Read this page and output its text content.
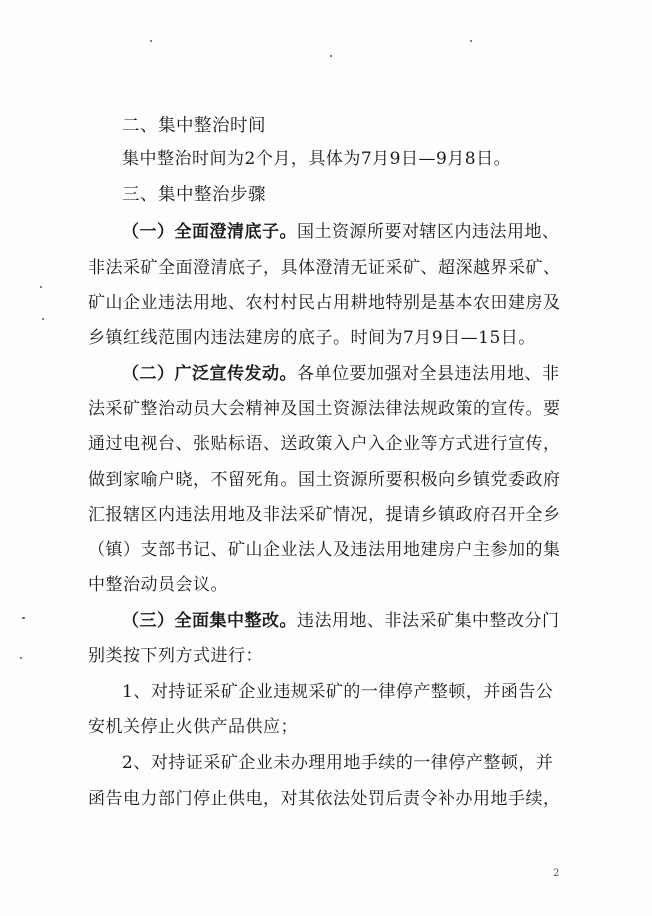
二、集中整治时间
集中整治时间为2个月，具体为7月9日—9月8日。
三、集中整治步骤
（一）全面澄清底子。国土资源所要对辖区内违法用地、
非法采矿全面澄清底子，具体澄清无证采矿、超深越界采矿、
矿山企业违法用地、农村村民占用耕地特别是基本农田建房及
乡镇红线范围内违法建房的底子。时间为7月9日—15日。
（二）广泛宣传发动。各单位要加强对全县违法用地、非
法采矿整治动员大会精神及国土资源法律法规政策的宣传。要
通过电视台、张贴标语、送政策入户入企业等方式进行宣传，
做到家喻户晓，不留死角。国土资源所要积极向乡镇党委政府
汇报辖区内违法用地及非法采矿情况，提请乡镇政府召开全乡
（镇）支部书记、矿山企业法人及违法用地建房户主参加的集
中整治动员会议。
（三）全面集中整改。违法用地、非法采矿集中整改分门
别类按下列方式进行：
1、对持证采矿企业违规采矿的一律停产整顿，并函告公
安机关停止火供产品供应；
2、对持证采矿企业未办理用地手续的一律停产整顿，并
函告电力部门停止供电，对其依法处罚后责令补办用地手续，
2
